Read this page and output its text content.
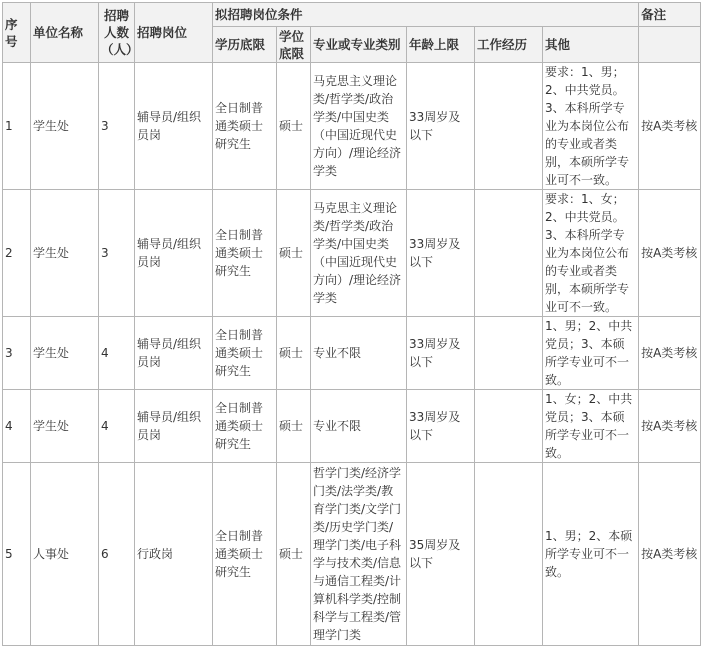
序号	单位名称	招聘人数（人）	招聘岗位	拟招聘岗位条件						备注
				学历底限	学位底限	专业或专业类别	年龄上限	工作经历	其他	
1	学生处	3	辅导员/组织员岗	全日制普通类硕士研究生	硕士	马克思主义理论类/哲学类/政治学类/中国史类（中国近现代史方向）/理论经济学类	33周岁及以下		要求：1、男；2、中共党员。3、本科所学专业为本岗位公布的专业或者类别，本硕所学专业可不一致。	按A类考核
2	学生处	3	辅导员/组织员岗	全日制普通类硕士研究生	硕士	马克思主义理论类/哲学类/政治学类/中国史类（中国近现代史方向）/理论经济学类	33周岁及以下		要求：1、女；2、中共党员。3、本科所学专业为本岗位公布的专业或者类别，本硕所学专业可不一致。	按A类考核
3	学生处	4	辅导员/组织员岗	全日制普通类硕士研究生	硕士	专业不限	33周岁及以下		1、男；2、中共党员；3、本硕所学专业可不一致。	按A类考核
4	学生处	4	辅导员/组织员岗	全日制普通类硕士研究生	硕士	专业不限	33周岁及以下		1、女；2、中共党员；3、本硕所学专业可不一致。	按A类考核
5	人事处	6	行政岗	全日制普通类硕士研究生	硕士	哲学门类/经济学门类/法学类/教育学门类/文学门类/历史学门类/理学门类/电子科学与技术类/信息与通信工程类/计算机科学类/控制科学与工程类/管理学门类	35周岁及以下		1、男；2、本硕所学专业可不一致。	按A类考核
